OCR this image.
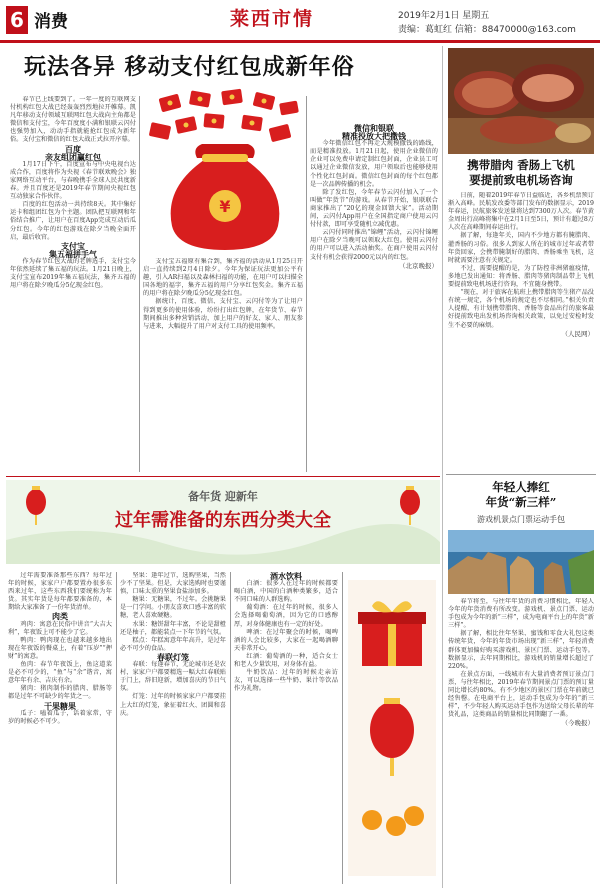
6 消费	莱西市情	2019年2月1日 星期五
责编：葛虹红 信箱：88470000@163.com
玩法各异 移动支付红包成新年俗

春节已上线要到了。一年一度的互联网支付机构红包大战已经轰轰烈烈地拉开帷幕。凯凡年移动支付领域互联网红包大战向主角都是微信和支付宝，今年百度度小满和银联云闪付也强势加入，动动手指就能抢红包成为新年俗。支付宝和微信的红包大战正式拉开序幕。

百度

亲友组团赢红包

1月17日下午，百度宣布与中央电视台达成合作，百度将作为央视《春节联欢晚会》独家网络互动平台，与春晚携手全球人民共度新春。并且百度还是2019年春节期间央视红包互动独家合作伙伴。

百度的红包活动一共持续8天。其中集好运卡和组团红包为个主题。团队把互联网和年俗结合推广，让用户在百度App完成互动后瓜分红包。今年的红包游戏在除夕当晚全面开启，最后收官。

支付宝

集五福拼手气

作为春节红包大战的老牌选手，支付宝今年依然延续了集五福的玩法。1月21日晚上，支付宝宣布2019年集五福玩法，集齐五福的用户将在除夕晚瓜分5亿现金红包。

¥

支付宝五福原有集合到，集齐福的活动从1月25日开启一直持续到2月4日除夕。今年为保证玩法更加公平有趣，引入AR扫福以及森林扫福的功能，在用户可以扫描全国各地的福字，集齐五福的用户分享红包奖金。集齐五福的用户将在除夕晚瓜分5亿现金红包。

据统计，百度、微信、支付宝、云闪付等为了让用户得到更多的使用体验，纷纷打出红包牌，在年货节、春节期间推出多种营销活动，加上用户的好友、家人、朋友参与进来，大幅提升了用户对支付工具的使用频率。

微信和银联

精准投放大把撒钱

今年微信红包不再走大规模撒钱的路线，而是精准投放。1月21日起，使用企业微信的企业可以免费申请定制红包封面，企业员工可以通过企业微信发放，用户领取后也能够使用个性化红包封面。微信红包封面的每个红包都是一次品牌传播的机会。

除了发红包，今年春节云闪付加入了一个叫做“年货节”的游戏。从春节开始，银联联合商家推出了“20亿的现金回馈大家”。活动期间，云闪付App用户在全国指定商户使用云闪付付款，即可享受随机立减优惠。

云闪付同时推出“锦鲤”活动，云闪付锦鲤用户在除夕当晚可以领取大红包。使用云闪付的用户可以进入活动抽奖。在商户使用云闪付支付有机会获得2000元以内的红包。

（北京晚报）

携带腊肉 香肠上飞机
要提前致电机场咨询

日前，随着2019年春节日益临近，各乡机票预订渐入高峰。民航发改委等部门发布的数据显示，2019年春运，民航旅客发送量将达到7300万人次。春节黄金周出行高峰将集中在2月1日至5日，预计有超过8万人次在高峰期间春运出行。

据了解，每逢年关，国内不少地方都有腌腊肉、灌香肠的习俗。很多人到家人所在的城市过年或者带年货回家，会携带腌制好的腊肉、香肠乘坐飞机，这时就需要注意有关规定。

不过，需要提醒的是，为了防控非洲猪瘟疫情，多地已发出通知：将香肠、腊肉等猪肉制品带上飞机要提前致电机场进行咨询，不宜随身携带。

“现在，对于旅客在航班上携带腊肉等生猪产品没有统一规定，各个机场的规定也不尽相同。”相关负责人提醒，有计划携带腊肉、香肠等食品出行的旅客最好提前致电出发机场咨询相关政策，以免过安检时发生不必要的麻烦。

（人民网）

年轻人捧红
年货“新三样”
游戏机景点门票运动手包

春节将至，与往年年货的消费习惯相比，年轻人今年的年货消费有所改变。游戏机、景点门票、运动手包成为今年的新“三样”，成为电商平台上的年货“新三样”。

据了解，相比往年坚果、蜜饯和零食大礼包这类传统年货，今年的年货市场出现“新三样”，年轻消费群体更加偏好购买游戏机、景区门票、运动手包等。数据显示，去年同期相比，游戏机的销量增长超过了220%。

在景点方面，一线城市有大量消费者预订景点门票，与往年相比，2019年春节期间景点门票的预订量同比增长约80%。有不少地区的景区门票在年前就已经售罄。在电商平台上，运动手包成为今年的“新三样”，不少年轻人购买运动手包作为送给父母长辈的年货礼品，这类商品的销量相比同期翻了一番。

（今晚报）

备年货 迎新年
过年需准备的东西分类大全

过年需要准备那些东西？每年过年的时候，家家户户都要置办很多东西来过年，这些东西我们要统称为年货。其实年货是每年都要准备的，本期给大家准备了一份年货清单。

肉类

鸡肉：寓意在民俗中讲音“大吉大利”，年夜饭上可不能少了它。

鸭肉：鸭肉现在也越来越多地出现在年夜饭的餐桌上，有着“压岁”“押财”的寓意。

鱼肉：春节年夜饭上，鱼这道菜是必不可少的，“鱼”与“余”谐音，寓意年年有余、吉庆有余。

猪肉：猪肉制作的腊肉、腊肠等都是过年不可缺少的年货之一。

干果糖果

瓜子：嗑着瓜子，话着家常，守岁的时候必不可少。

坚果：逢年过节，选购坚果，当然少不了坚果。但是，大家选购时也要谨慎，口味太重的坚果食盐添加多。

糖果：无糖果，不过年。会挑糖果是一门学问。小朋友喜欢口感丰富的软糖，老人喜欢硬糖。

水果：糖饼甜年丰富，不论是甜橙还是柚子，都能装点一下年节的气氛。

糕点：年糕寓意年年高升，是过年必不可少的食品。

春联灯笼

春联：每逢春节，无论城市还是农村，家家户户都要精选一幅大红春联贴于门上，辞旧迎新，增加喜庆的节日气氛。

灯笼：过年的时候家家户户都要挂上大红的灯笼，象征着红火、团圆和喜庆。

酒水饮料

白酒：很多人在过年的时候都要喝白酒，中国的白酒种类繁多，适合不同口味的人群选购。

葡萄酒：在过年的时候，很多人会选择喝葡萄酒，因为它的口感醇厚，对身体健康也有一定的好处。

啤酒：在过年聚会的时候，喝啤酒的人会比较多，大家在一起喝酒聊天非常开心。

红酒：葡萄酒的一种，适合女士和老人少量饮用，对身体有益。

牛奶饮品：过年的时候走亲访友，可以选择一些牛奶、果汁等饮品作为礼物。
